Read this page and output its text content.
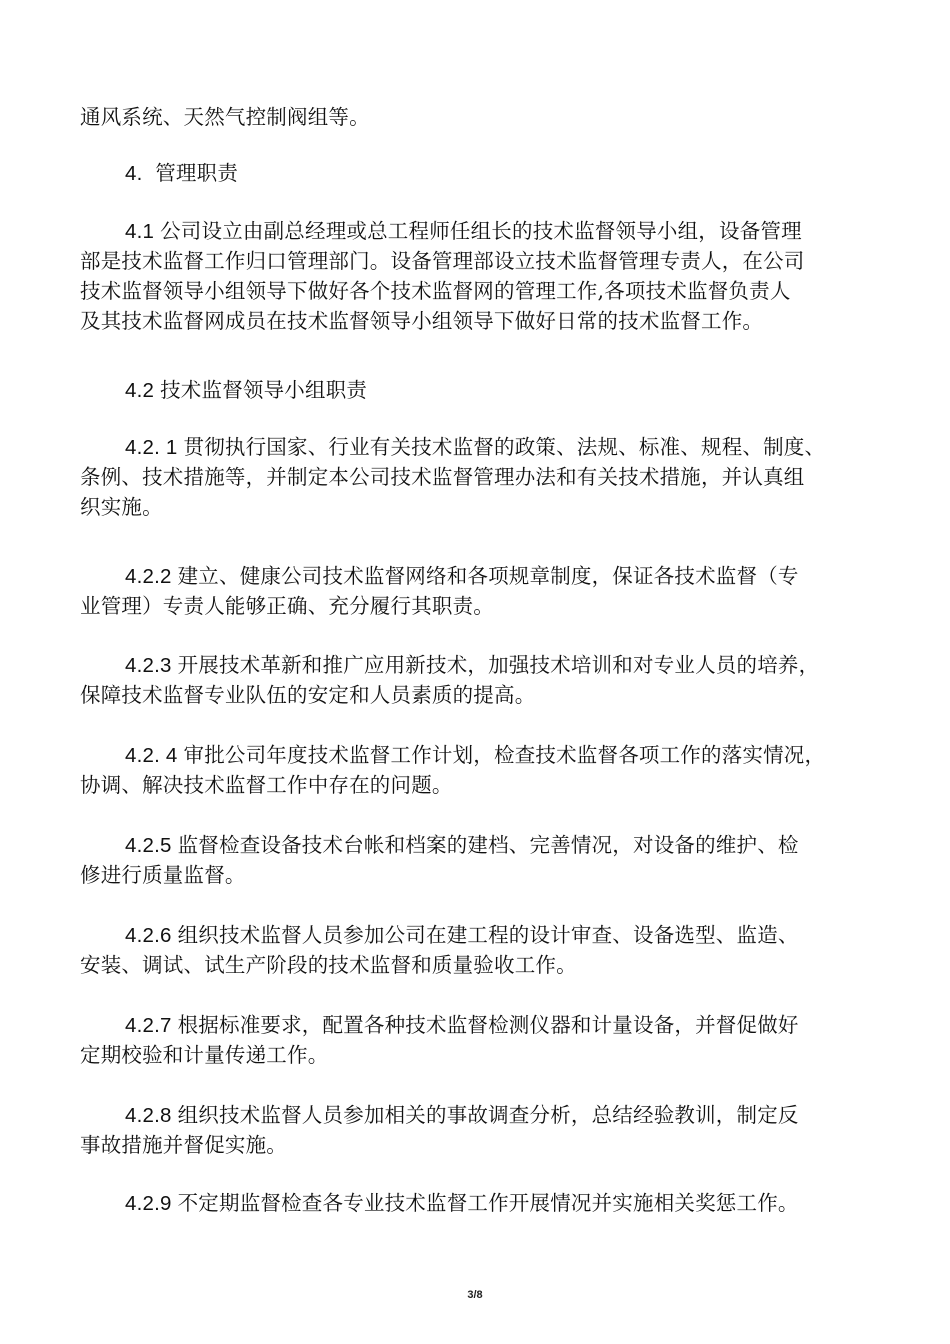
通风系统、天然气控制阀组等。
4. 管理职责
4.1 公司设立由副总经理或总工程师任组长的技术监督领导小组，设备管理
部是技术监督工作归口管理部门。设备管理部设立技术监督管理专责人，在公司
技术监督领导小组领导下做好各个技术监督网的管理工作,各项技术监督负责人
及其技术监督网成员在技术监督领导小组领导下做好日常的技术监督工作。
4.2 技术监督领导小组职责
4.2. 1 贯彻执行国家、行业有关技术监督的政策、法规、标准、规程、制度、
条例、技术措施等，并制定本公司技术监督管理办法和有关技术措施，并认真组
织实施。
4.2.2 建立、健康公司技术监督网络和各项规章制度，保证各技术监督（专
业管理）专责人能够正确、充分履行其职责。
4.2.3 开展技术革新和推广应用新技术，加强技术培训和对专业人员的培养，
保障技术监督专业队伍的安定和人员素质的提高。
4.2. 4 审批公司年度技术监督工作计划，检查技术监督各项工作的落实情况，
协调、解决技术监督工作中存在的问题。
4.2.5 监督检查设备技术台帐和档案的建档、完善情况，对设备的维护、检
修进行质量监督。
4.2.6 组织技术监督人员参加公司在建工程的设计审查、设备选型、监造、
安装、调试、试生产阶段的技术监督和质量验收工作。
4.2.7 根据标准要求，配置各种技术监督检测仪器和计量设备，并督促做好
定期校验和计量传递工作。
4.2.8 组织技术监督人员参加相关的事故调查分析，总结经验教训，制定反
事故措施并督促实施。
4.2.9 不定期监督检查各专业技术监督工作开展情况并实施相关奖惩工作。
3/8
